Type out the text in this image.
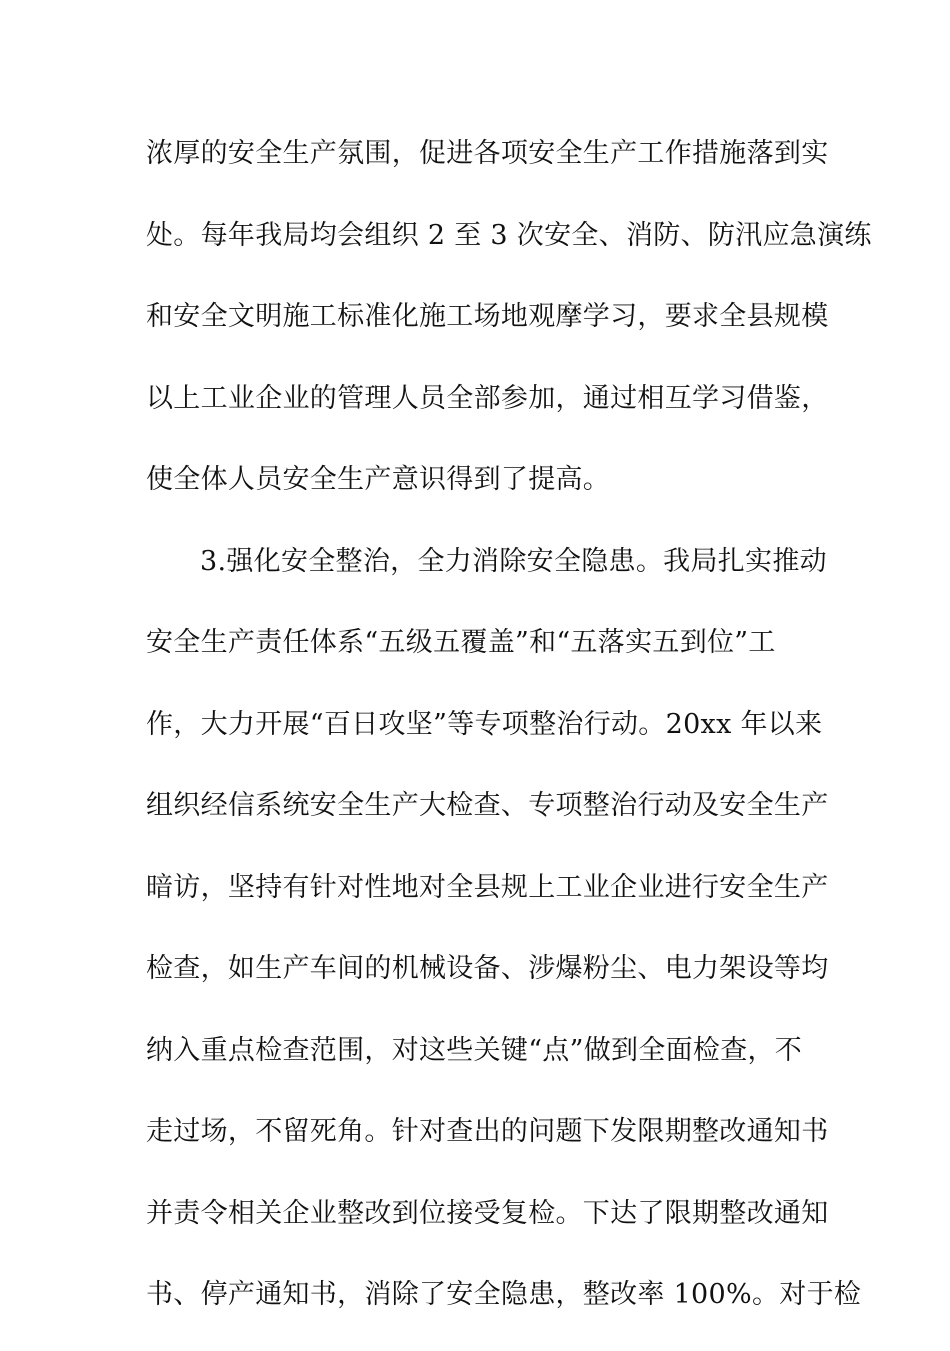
浓厚的安全生产氛围，促进各项安全生产工作措施落到实
处。每年我局均会组织 2 至 3 次安全、消防、防汛应急演练
和安全文明施工标准化施工场地观摩学习，要求全县规模
以上工业企业的管理人员全部参加，通过相互学习借鉴，
使全体人员安全生产意识得到了提高。
3.强化安全整治，全力消除安全隐患。我局扎实推动
安全生产责任体系“五级五覆盖”和“五落实五到位”工
作，大力开展“百日攻坚”等专项整治行动。20xx 年以来
组织经信系统安全生产大检查、专项整治行动及安全生产
暗访，坚持有针对性地对全县规上工业企业进行安全生产
检查，如生产车间的机械设备、涉爆粉尘、电力架设等均
纳入重点检查范围，对这些关键“点”做到全面检查，不
走过场，不留死角。针对查出的问题下发限期整改通知书
并责令相关企业整改到位接受复检。下达了限期整改通知
书、停产通知书，消除了安全隐患，整改率 100%。对于检
